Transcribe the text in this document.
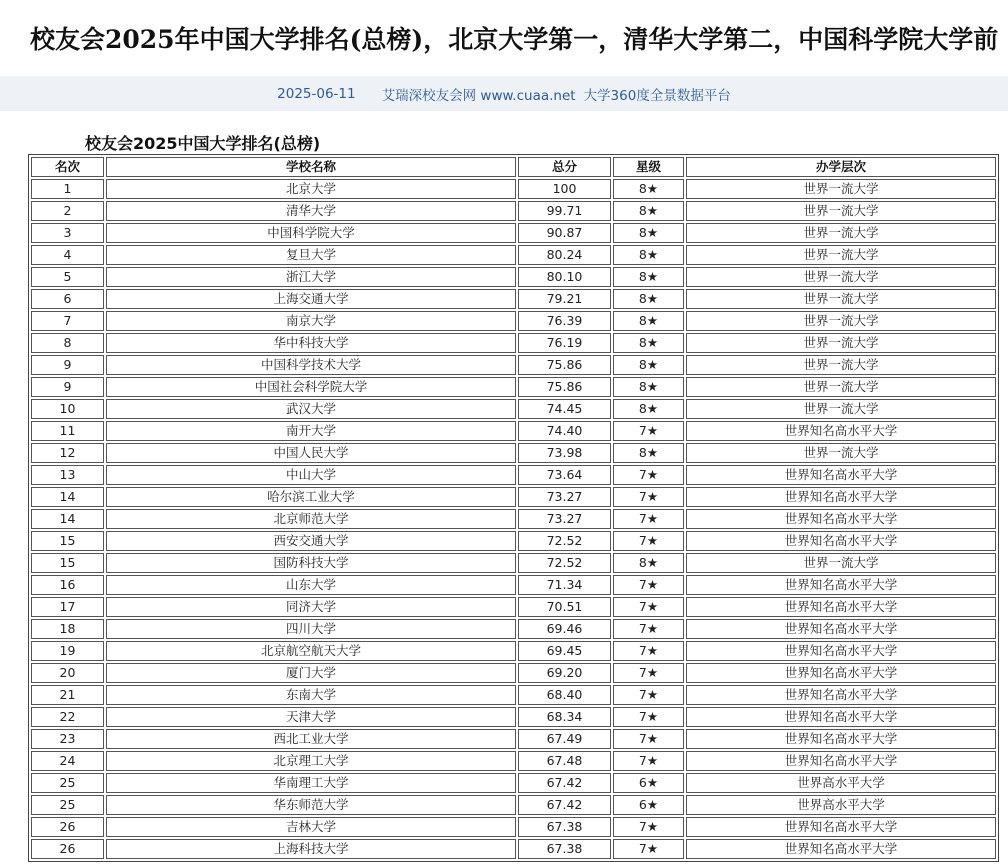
校友会2025年中国大学排名(总榜)，北京大学第一，清华大学第二，中国科学院大学前
2025-06-11 艾瑞深校友会网 www.cuaa.net 大学360度全景数据平台
校友会2025中国大学排名(总榜)
名次	学校名称	总分	星级	办学层次
1	北京大学	100	8★	世界一流大学
2	清华大学	99.71	8★	世界一流大学
3	中国科学院大学	90.87	8★	世界一流大学
4	复旦大学	80.24	8★	世界一流大学
5	浙江大学	80.10	8★	世界一流大学
6	上海交通大学	79.21	8★	世界一流大学
7	南京大学	76.39	8★	世界一流大学
8	华中科技大学	76.19	8★	世界一流大学
9	中国科学技术大学	75.86	8★	世界一流大学
9	中国社会科学院大学	75.86	8★	世界一流大学
10	武汉大学	74.45	8★	世界一流大学
11	南开大学	74.40	7★	世界知名高水平大学
12	中国人民大学	73.98	8★	世界一流大学
13	中山大学	73.64	7★	世界知名高水平大学
14	哈尔滨工业大学	73.27	7★	世界知名高水平大学
14	北京师范大学	73.27	7★	世界知名高水平大学
15	西安交通大学	72.52	7★	世界知名高水平大学
15	国防科技大学	72.52	8★	世界一流大学
16	山东大学	71.34	7★	世界知名高水平大学
17	同济大学	70.51	7★	世界知名高水平大学
18	四川大学	69.46	7★	世界知名高水平大学
19	北京航空航天大学	69.45	7★	世界知名高水平大学
20	厦门大学	69.20	7★	世界知名高水平大学
21	东南大学	68.40	7★	世界知名高水平大学
22	天津大学	68.34	7★	世界知名高水平大学
23	西北工业大学	67.49	7★	世界知名高水平大学
24	北京理工大学	67.48	7★	世界知名高水平大学
25	华南理工大学	67.42	6★	世界高水平大学
25	华东师范大学	67.42	6★	世界高水平大学
26	吉林大学	67.38	7★	世界知名高水平大学
26	上海科技大学	67.38	7★	世界知名高水平大学
